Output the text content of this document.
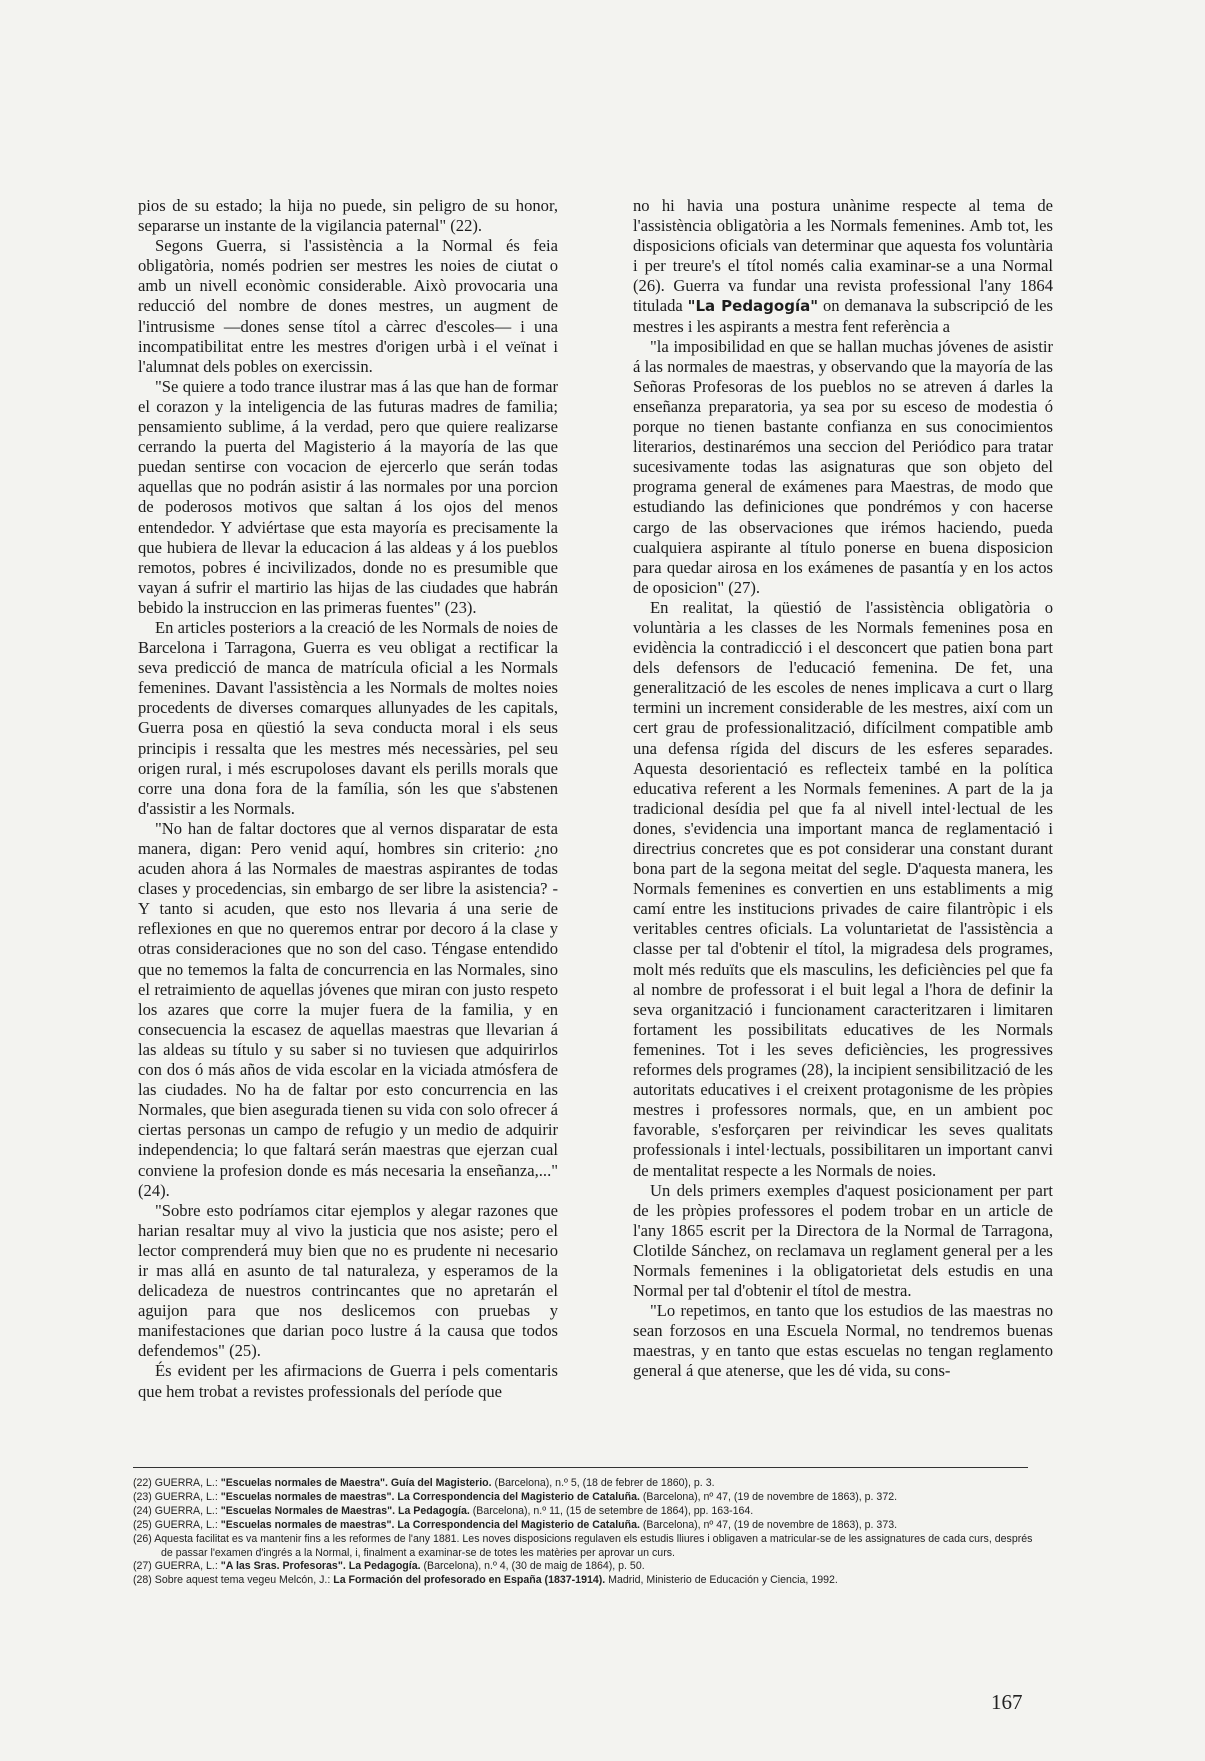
pios de su estado; la hija no puede, sin peligro de su honor, separarse un instante de la vigilancia paternal" (22).

Segons Guerra, si l'assistència a la Normal és feia obligatòria, només podrien ser mestres les noies de ciutat o amb un nivell econòmic considerable. Això provocaria una reducció del nombre de dones mestres, un augment de l'intrusisme —dones sense títol a càrrec d'escoles— i una incompatibilitat entre les mestres d'origen urbà i el veïnat i l'alumnat dels pobles on exercissin.

"Se quiere a todo trance ilustrar mas á las que han de formar el corazon y la inteligencia de las futuras madres de familia; pensamiento sublime, á la verdad, pero que quiere realizarse cerrando la puerta del Magisterio á la mayoría de las que puedan sentirse con vocacion de ejercerlo que serán todas aquellas que no podrán asistir á las normales por una porcion de poderosos motivos que saltan á los ojos del menos entendedor. Y adviértase que esta mayoría es precisamente la que hubiera de llevar la educacion á las aldeas y á los pueblos remotos, pobres é incivilizados, donde no es presumible que vayan á sufrir el martirio las hijas de las ciudades que habrán bebido la instruccion en las primeras fuentes" (23).

En articles posteriors a la creació de les Normals de noies de Barcelona i Tarragona, Guerra es veu obligat a rectificar la seva predicció de manca de matrícula oficial a les Normals femenines. Davant l'assistència a les Normals de moltes noies procedents de diverses comarques allunyades de les capitals, Guerra posa en qüestió la seva conducta moral i els seus principis i ressalta que les mestres més necessàries, pel seu origen rural, i més escrupoloses davant els perills morals que corre una dona fora de la família, són les que s'abstenen d'assistir a les Normals.

"No han de faltar doctores que al vernos disparatar de esta manera, digan: Pero venid aquí, hombres sin criterio: ¿no acuden ahora á las Normales de maestras aspirantes de todas clases y procedencias, sin embargo de ser libre la asistencia? -Y tanto si acuden, que esto nos llevaria á una serie de reflexiones en que no queremos entrar por decoro á la clase y otras consideraciones que no son del caso. Téngase entendido que no tememos la falta de concurrencia en las Normales, sino el retraimiento de aquellas jóvenes que miran con justo respeto los azares que corre la mujer fuera de la familia, y en consecuencia la escasez de aquellas maestras que llevarian á las aldeas su título y su saber si no tuviesen que adquirirlos con dos ó más años de vida escolar en la viciada atmósfera de las ciudades. No ha de faltar por esto concurrencia en las Normales, que bien asegurada tienen su vida con solo ofrecer á ciertas personas un campo de refugio y un medio de adquirir independencia; lo que faltará serán maestras que ejerzan cual conviene la profesion donde es más necesaria la enseñanza,..." (24).

"Sobre esto podríamos citar ejemplos y alegar razones que harian resaltar muy al vivo la justicia que nos asiste; pero el lector comprenderá muy bien que no es prudente ni necesario ir mas allá en asunto de tal naturaleza, y esperamos de la delicadeza de nuestros contrincantes que no apretarán el aguijon para que nos deslicemos con pruebas y manifestaciones que darian poco lustre á la causa que todos defendemos" (25).

És evident per les afirmacions de Guerra i pels comentaris que hem trobat a revistes professionals del període que

no hi havia una postura unànime respecte al tema de l'assistència obligatòria a les Normals femenines. Amb tot, les disposicions oficials van determinar que aquesta fos voluntària i per treure's el títol només calia examinar-se a una Normal (26). Guerra va fundar una revista professional l'any 1864 titulada "La Pedagogía" on demanava la subscripció de les mestres i les aspirants a mestra fent referència a

"la imposibilidad en que se hallan muchas jóvenes de asistir á las normales de maestras, y observando que la mayoría de las Señoras Profesoras de los pueblos no se atreven á darles la enseñanza preparatoria, ya sea por su esceso de modestia ó porque no tienen bastante confianza en sus conocimientos literarios, destinarémos una seccion del Periódico para tratar sucesivamente todas las asignaturas que son objeto del programa general de exámenes para Maestras, de modo que estudiando las definiciones que pondrémos y con hacerse cargo de las observaciones que irémos haciendo, pueda cualquiera aspirante al título ponerse en buena disposicion para quedar airosa en los exámenes de pasantía y en los actos de oposicion" (27).

En realitat, la qüestió de l'assistència obligatòria o voluntària a les classes de les Normals femenines posa en evidència la contradicció i el desconcert que patien bona part dels defensors de l'educació femenina. De fet, una generalització de les escoles de nenes implicava a curt o llarg termini un increment considerable de les mestres, així com un cert grau de professionalització, difícilment compatible amb una defensa rígida del discurs de les esferes separades. Aquesta desorientació es reflecteix també en la política educativa referent a les Normals femenines. A part de la ja tradicional desídia pel que fa al nivell intel·lectual de les dones, s'evidencia una important manca de reglamentació i directrius concretes que es pot considerar una constant durant bona part de la segona meitat del segle. D'aquesta manera, les Normals femenines es convertien en uns establiments a mig camí entre les institucions privades de caire filantròpic i els veritables centres oficials. La voluntarietat de l'assistència a classe per tal d'obtenir el títol, la migradesa dels programes, molt més reduïts que els masculins, les deficiències pel que fa al nombre de professorat i el buit legal a l'hora de definir la seva organització i funcionament caracteritzaren i limitaren fortament les possibilitats educatives de les Normals femenines. Tot i les seves deficiències, les progressives reformes dels programes (28), la incipient sensibilització de les autoritats educatives i el creixent protagonisme de les pròpies mestres i professores normals, que, en un ambient poc favorable, s'esforçaren per reivindicar les seves qualitats professionals i intel·lectuals, possibilitaren un important canvi de mentalitat respecte a les Normals de noies.

Un dels primers exemples d'aquest posicionament per part de les pròpies professores el podem trobar en un article de l'any 1865 escrit per la Directora de la Normal de Tarragona, Clotilde Sánchez, on reclamava un reglament general per a les Normals femenines i la obligatorietat dels estudis en una Normal per tal d'obtenir el títol de mestra.

"Lo repetimos, en tanto que los estudios de las maestras no sean forzosos en una Escuela Normal, no tendremos buenas maestras, y en tanto que estas escuelas no tengan reglamento general á que atenerse, que les dé vida, su cons-

(22) GUERRA, L.: "Escuelas normales de Maestra". Guía del Magisterio. (Barcelona), n.º 5, (18 de febrer de 1860), p. 3.

(23) GUERRA, L.: "Escuelas normales de maestras". La Correspondencia del Magisterio de Cataluña. (Barcelona), nº 47, (19 de novembre de 1863), p. 372.

(24) GUERRA, L.: "Escuelas Normales de Maestras". La Pedagogía. (Barcelona), n.º 11, (15 de setembre de 1864), pp. 163-164.

(25) GUERRA, L.: "Escuelas normales de maestras". La Correspondencia del Magisterio de Cataluña. (Barcelona), nº 47, (19 de novembre de 1863), p. 373.

(26) Aquesta facilitat es va mantenir fins a les reformes de l'any 1881. Les noves disposicions regulaven els estudis lliures i obligaven a matricular-se de les assignatures de cada curs, després de passar l'examen d'ingrés a la Normal, i, finalment a examinar-se de totes les matèries per aprovar un curs.

(27) GUERRA, L.: "A las Sras. Profesoras". La Pedagogía. (Barcelona), n.º 4, (30 de maig de 1864), p. 50.

(28) Sobre aquest tema vegeu Melcón, J.: La Formación del profesorado en España (1837-1914). Madrid, Ministerio de Educación y Ciencia, 1992.

167
